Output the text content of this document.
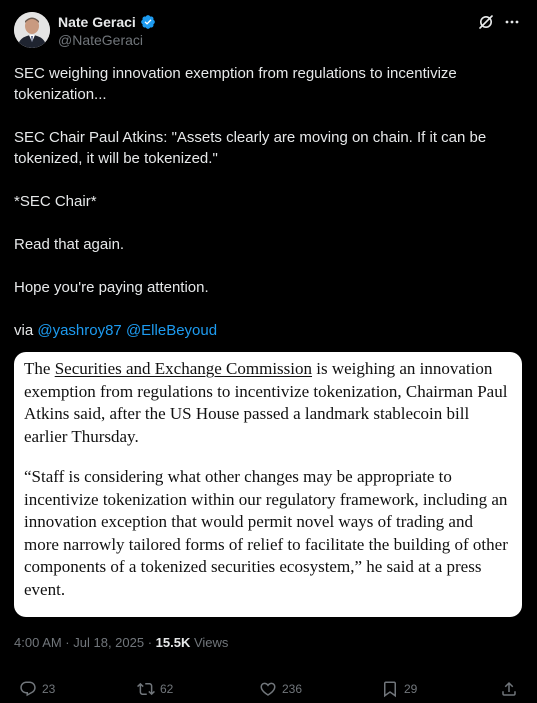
Nate Geraci
@NateGeraci

SEC weighing innovation exemption from regulations to incentivize tokenization...

SEC Chair Paul Atkins: "Assets clearly are moving on chain. If it can be tokenized, it will be tokenized."

*SEC Chair*

Read that again.

Hope you're paying attention.

via @yashroy87 @ElleBeyoud

The Securities and Exchange Commission is weighing an innovation exemption from regulations to incentivize tokenization, Chairman Paul Atkins said, after the US House passed a landmark stablecoin bill earlier Thursday.

“Staff is considering what other changes may be appropriate to incentivize tokenization within our regulatory framework, including an innovation exception that would permit novel ways of trading and more narrowly tailored forms of relief to facilitate the building of other components of a tokenized securities ecosystem,” he said at a press event.

4:00 AM · Jul 18, 2025 · 15.5K Views
23	62	236	29
